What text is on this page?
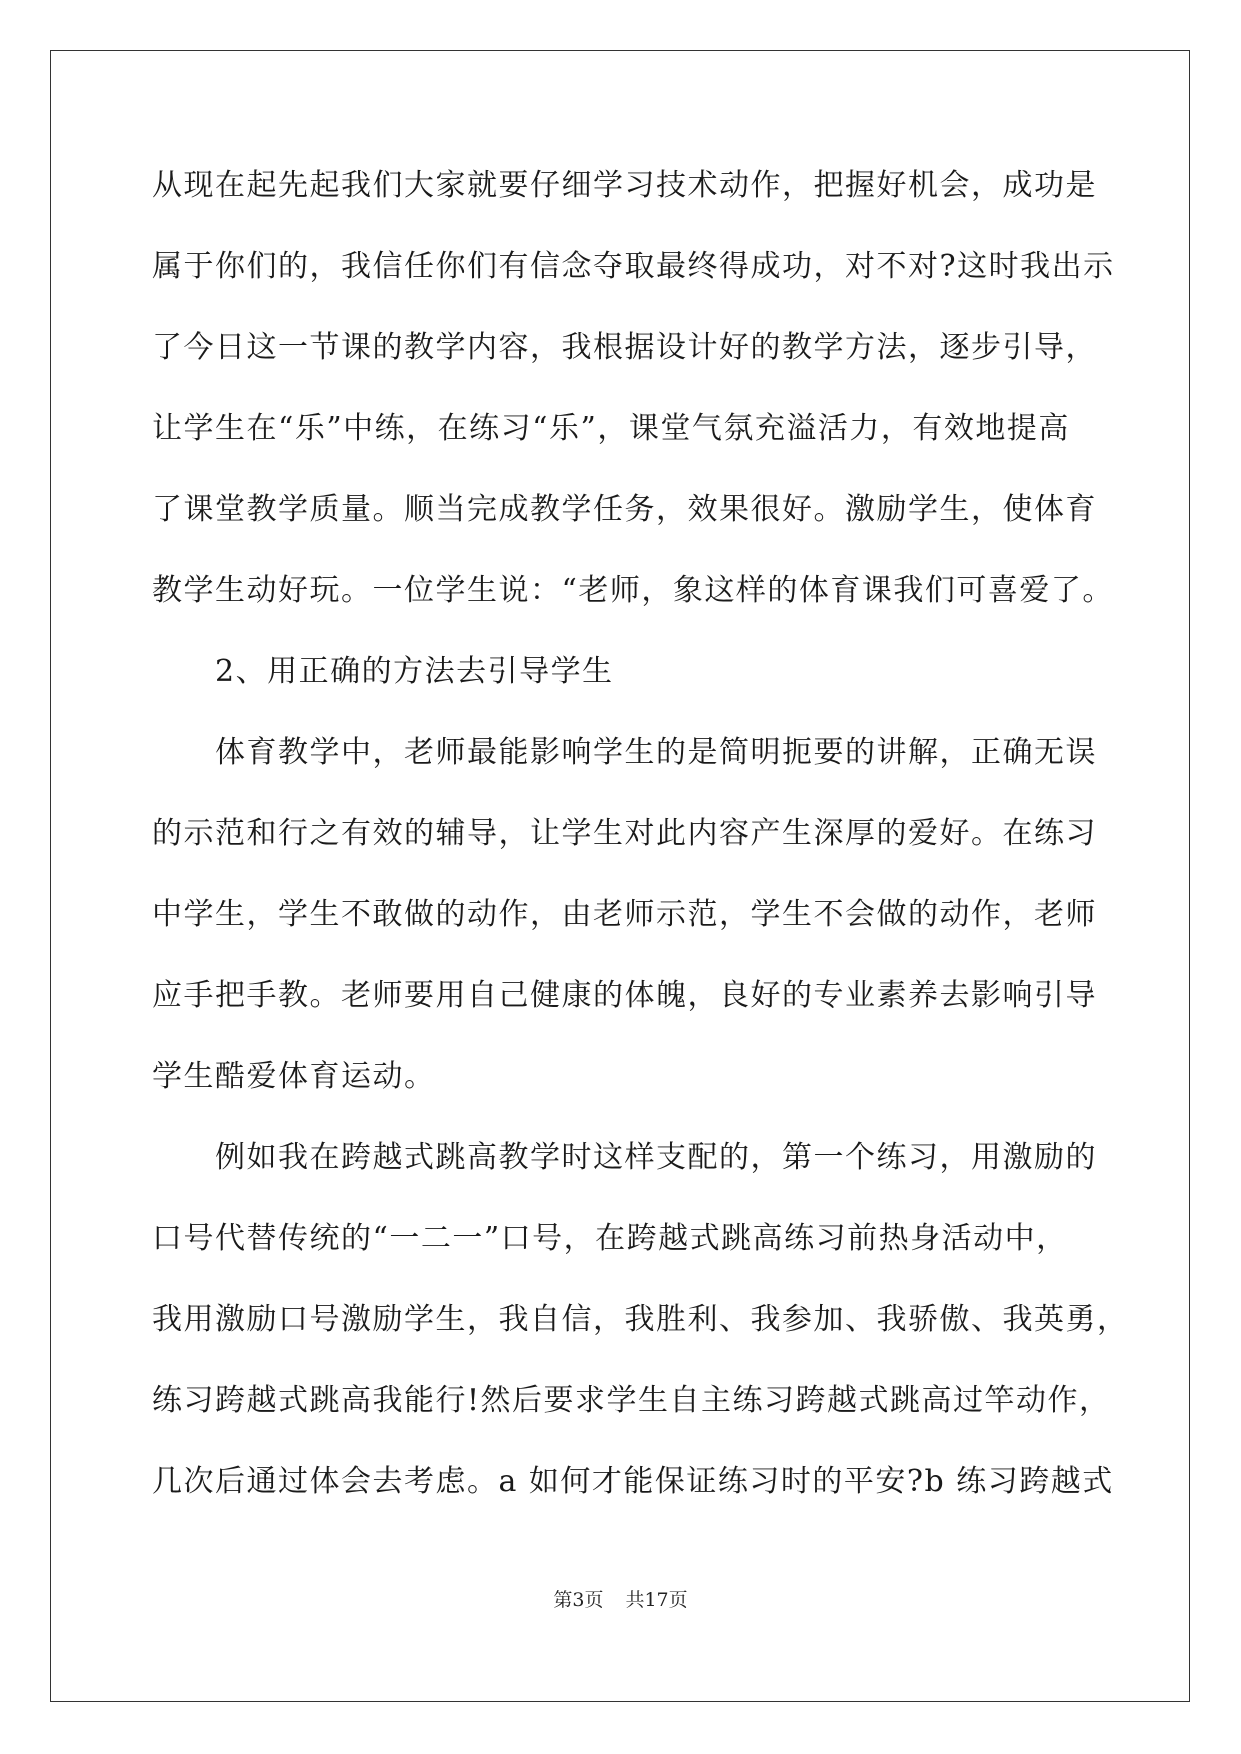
从现在起先起我们大家就要仔细学习技术动作，把握好机会，成功是
属于你们的，我信任你们有信念夺取最终得成功，对不对?这时我出示
了今日这一节课的教学内容，我根据设计好的教学方法，逐步引导，
让学生在“乐”中练，在练习“乐”，课堂气氛充溢活力，有效地提高
了课堂教学质量。顺当完成教学任务，效果很好。激励学生，使体育
教学生动好玩。一位学生说：“老师，象这样的体育课我们可喜爱了。
　　2、用正确的方法去引导学生
　　体育教学中，老师最能影响学生的是简明扼要的讲解，正确无误
的示范和行之有效的辅导，让学生对此内容产生深厚的爱好。在练习
中学生，学生不敢做的动作，由老师示范，学生不会做的动作，老师
应手把手教。老师要用自己健康的体魄，良好的专业素养去影响引导
学生酷爱体育运动。
　　例如我在跨越式跳高教学时这样支配的，第一个练习，用激励的
口号代替传统的“一二一”口号，在跨越式跳高练习前热身活动中，
我用激励口号激励学生，我自信，我胜利、我参加、我骄傲、我英勇，
练习跨越式跳高我能行!然后要求学生自主练习跨越式跳高过竿动作，
几次后通过体会去考虑。a 如何才能保证练习时的平安?b 练习跨越式
第3页 共17页
